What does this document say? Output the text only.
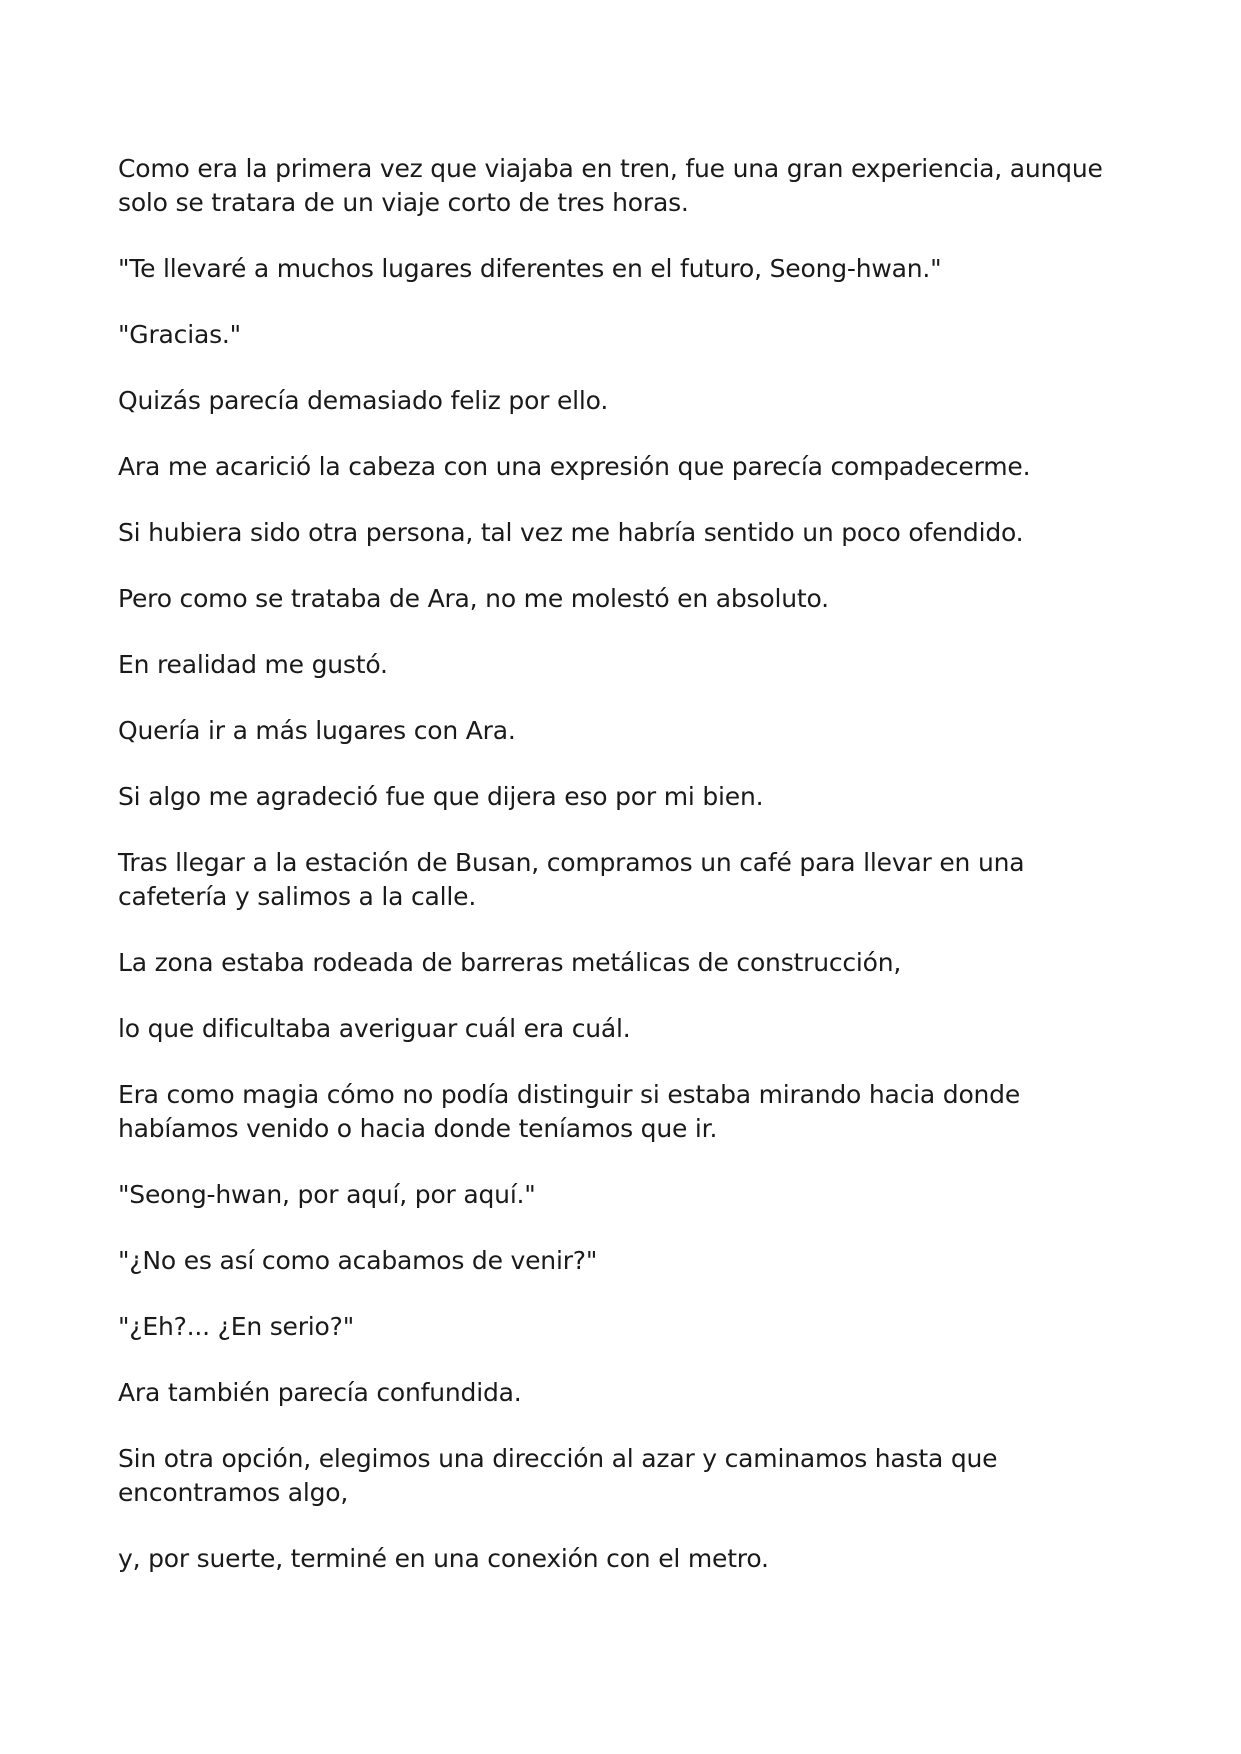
Como era la primera vez que viajaba en tren, fue una gran experiencia, aunque solo se tratara de un viaje corto de tres horas.

"Te llevaré a muchos lugares diferentes en el futuro, Seong-hwan."

"Gracias."

Quizás parecía demasiado feliz por ello.

Ara me acarició la cabeza con una expresión que parecía compadecerme.

Si hubiera sido otra persona, tal vez me habría sentido un poco ofendido.

Pero como se trataba de Ara, no me molestó en absoluto.

En realidad me gustó.

Quería ir a más lugares con Ara.

Si algo me agradeció fue que dijera eso por mi bien.

Tras llegar a la estación de Busan, compramos un café para llevar en una cafetería y salimos a la calle.

La zona estaba rodeada de barreras metálicas de construcción,

lo que dificultaba averiguar cuál era cuál.

Era como magia cómo no podía distinguir si estaba mirando hacia donde habíamos venido o hacia donde teníamos que ir.

"Seong-hwan, por aquí, por aquí."

"¿No es así como acabamos de venir?"

"¿Eh?... ¿En serio?"

Ara también parecía confundida.

Sin otra opción, elegimos una dirección al azar y caminamos hasta que encontramos algo,

y, por suerte, terminé en una conexión con el metro.
